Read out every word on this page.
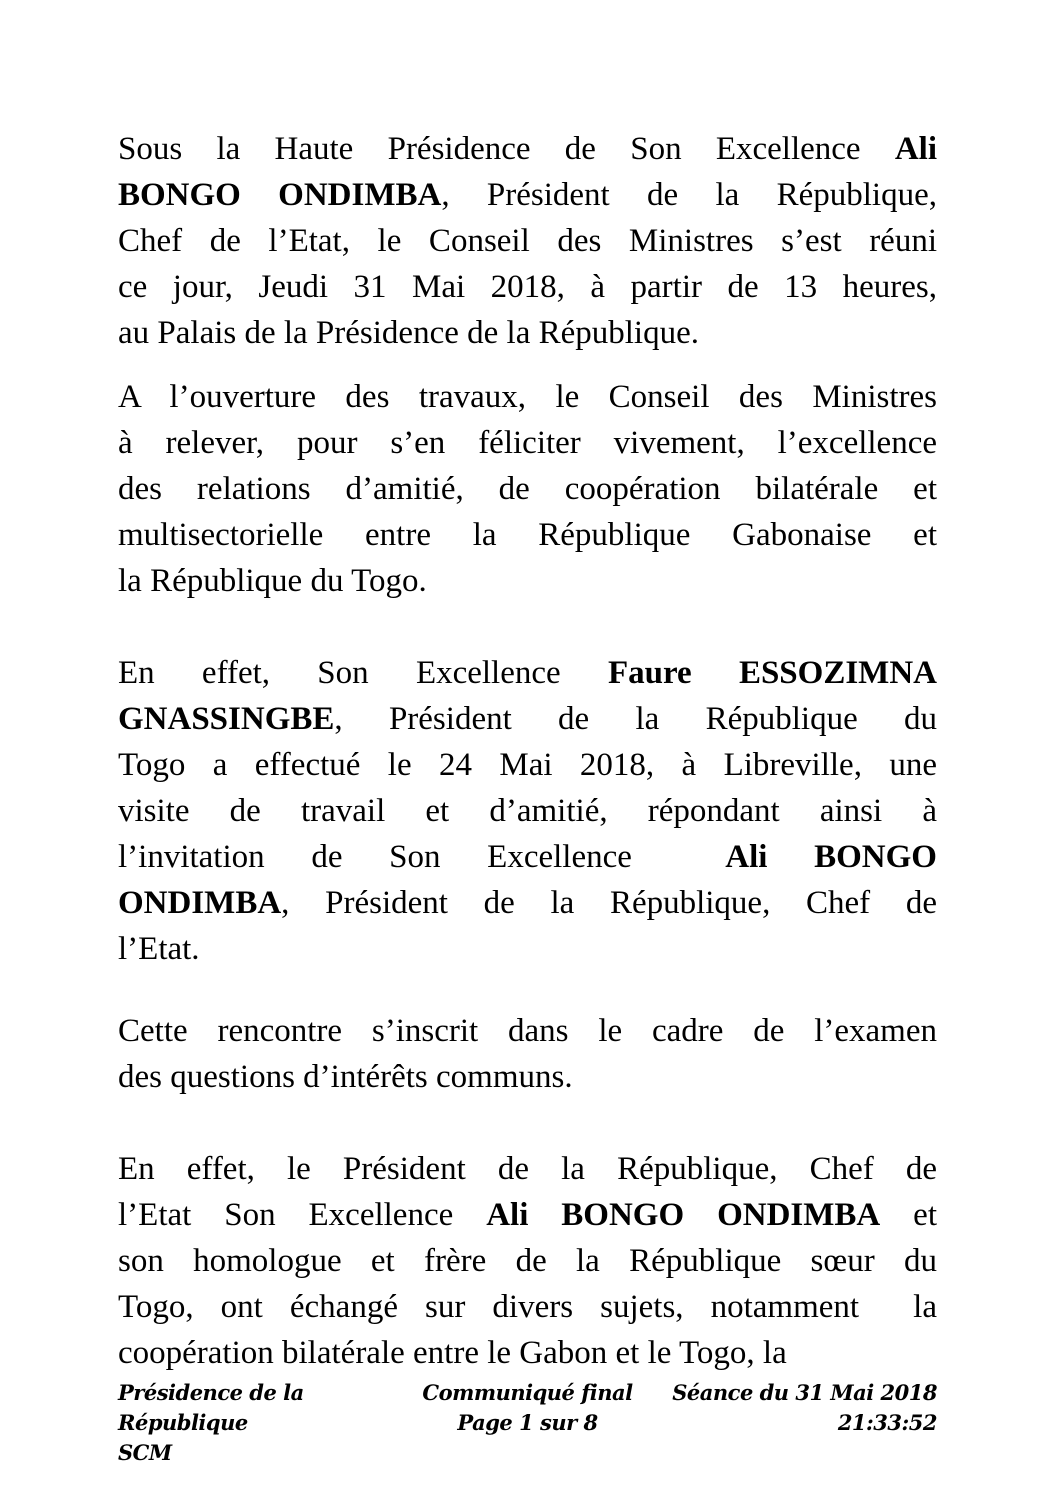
Sous la Haute Présidence de Son Excellence Ali
BONGO ONDIMBA, Président de la République,
Chef de l’Etat, le Conseil des Ministres s’est réuni
ce jour, Jeudi 31 Mai 2018, à partir de 13 heures,
au Palais de la Présidence de la République.
A l’ouverture des travaux, le Conseil des Ministres
à relever, pour s’en féliciter vivement, l’excellence
des relations d’amitié, de coopération bilatérale et
multisectorielle entre la République Gabonaise et
la République du Togo.
En effet, Son Excellence Faure ESSOZIMNA
GNASSINGBE, Président de la République du
Togo a effectué le 24 Mai 2018, à Libreville, une
visite de travail et d’amitié, répondant ainsi à
l’invitation de Son Excellence  Ali BONGO
ONDIMBA, Président de la République, Chef de
l’Etat.
Cette rencontre s’inscrit dans le cadre de l’examen
des questions d’intérêts communs.
En effet, le Président de la République, Chef de
l’Etat Son Excellence Ali BONGO ONDIMBA et
son homologue et frère de la République sœur du
Togo, ont échangé sur divers sujets, notamment  la
coopération bilatérale entre le Gabon et le Togo, la
Présidence de la République
SCM
Communiqué final
Page 1 sur 8
Séance du 31 Mai 2018
21:33:52
